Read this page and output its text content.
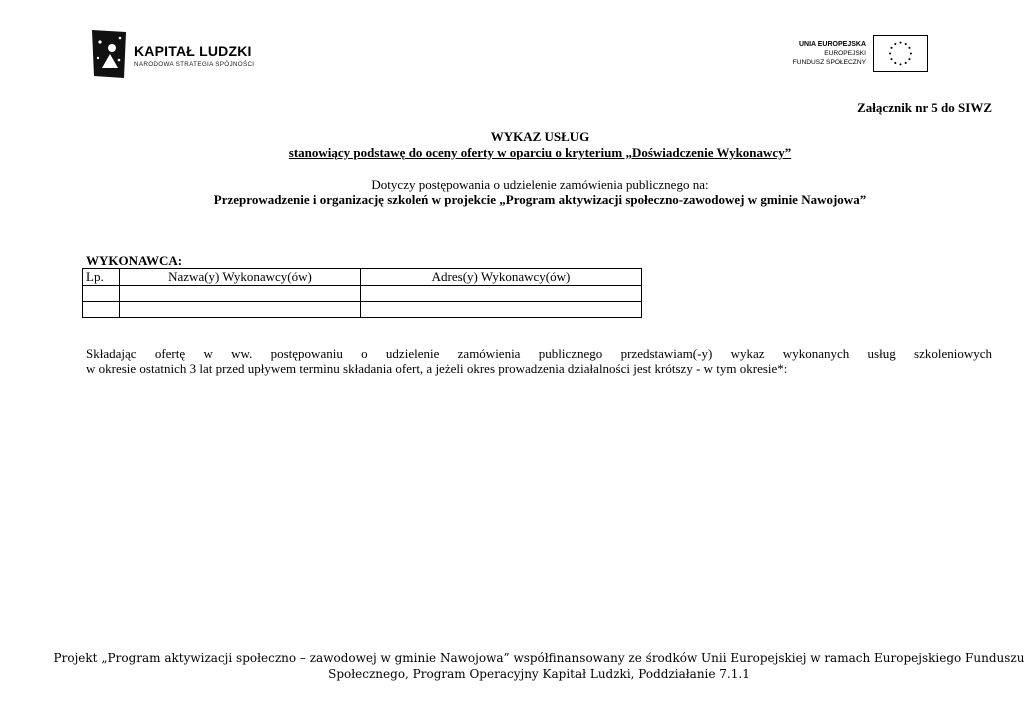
KAPITAŁ LUDZKI
NARODOWA STRATEGIA SPÓJNOŚCI
UNIA EUROPEJSKA
EUROPEJSKI
FUNDUSZ SPOŁECZNY
Załącznik nr 5 do SIWZ
WYKAZ USŁUG
stanowiący podstawę do oceny oferty w oparciu o kryterium „Doświadczenie Wykonawcy”
Dotyczy postępowania o udzielenie zamówienia publicznego na:
Przeprowadzenie i organizację szkoleń w projekcie „Program aktywizacji społeczno-zawodowej w gminie Nawojowa”
WYKONAWCA:
Lp.	Nazwa(y) Wykonawcy(ów)	Adres(y) Wykonawcy(ów)

Składając ofertę w ww. postępowaniu o udzielenie zamówienia publicznego przedstawiam(-y) wykaz wykonanych usług szkoleniowych
w okresie ostatnich 3 lat przed upływem terminu składania ofert, a jeżeli okres prowadzenia działalności jest krótszy - w tym okresie*:
Projekt „Program aktywizacji społeczno – zawodowej w gminie Nawojowa” współfinansowany ze środków Unii Europejskiej w ramach Europejskiego Funduszu
Społecznego, Program Operacyjny Kapitał Ludzki, Poddziałanie 7.1.1
